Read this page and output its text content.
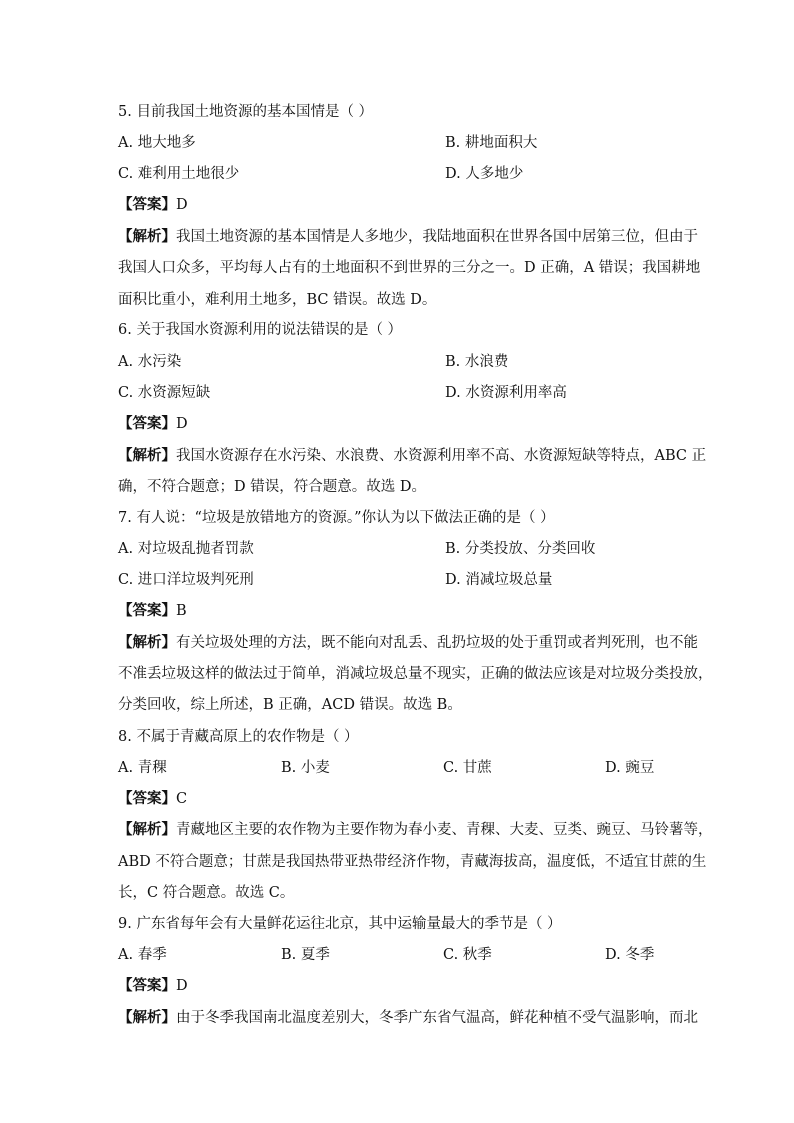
5. 目前我国土地资源的基本国情是（ ）
A. 地大地多	B. 耕地面积大
C. 难利用土地很少	D. 人多地少
【答案】D
【解析】我国土地资源的基本国情是人多地少，我陆地面积在世界各国中居第三位，但由于
我国人口众多，平均每人占有的土地面积不到世界的三分之一。D 正确，A 错误；我国耕地
面积比重小，难利用土地多，BC 错误。故选 D。
6. 关于我国水资源利用的说法错误的是（ ）
A. 水污染	B. 水浪费
C. 水资源短缺	D. 水资源利用率高
【答案】D
【解析】我国水资源存在水污染、水浪费、水资源利用率不高、水资源短缺等特点，ABC 正
确，不符合题意；D 错误，符合题意。故选 D。
7. 有人说：“垃圾是放错地方的资源。”你认为以下做法正确的是（ ）
A. 对垃圾乱抛者罚款	B. 分类投放、分类回收
C. 进口洋垃圾判死刑	D. 消减垃圾总量
【答案】B
【解析】有关垃圾处理的方法，既不能向对乱丢、乱扔垃圾的处于重罚或者判死刑，也不能
不准丢垃圾这样的做法过于简单，消减垃圾总量不现实，正确的做法应该是对垃圾分类投放，
分类回收，综上所述，B 正确，ACD 错误。故选 B。
8. 不属于青藏高原上的农作物是（ ）
A. 青稞	B. 小麦	C. 甘蔗	D. 豌豆
【答案】C
【解析】青藏地区主要的农作物为主要作物为春小麦、青稞、大麦、豆类、豌豆、马铃薯等，
ABD 不符合题意；甘蔗是我国热带亚热带经济作物，青藏海拔高，温度低，不适宜甘蔗的生
长，C 符合题意。故选 C。
9. 广东省每年会有大量鲜花运往北京，其中运输量最大的季节是（ ）
A. 春季	B. 夏季	C. 秋季	D. 冬季
【答案】D
【解析】由于冬季我国南北温度差别大，冬季广东省气温高，鲜花种植不受气温影响，而北
